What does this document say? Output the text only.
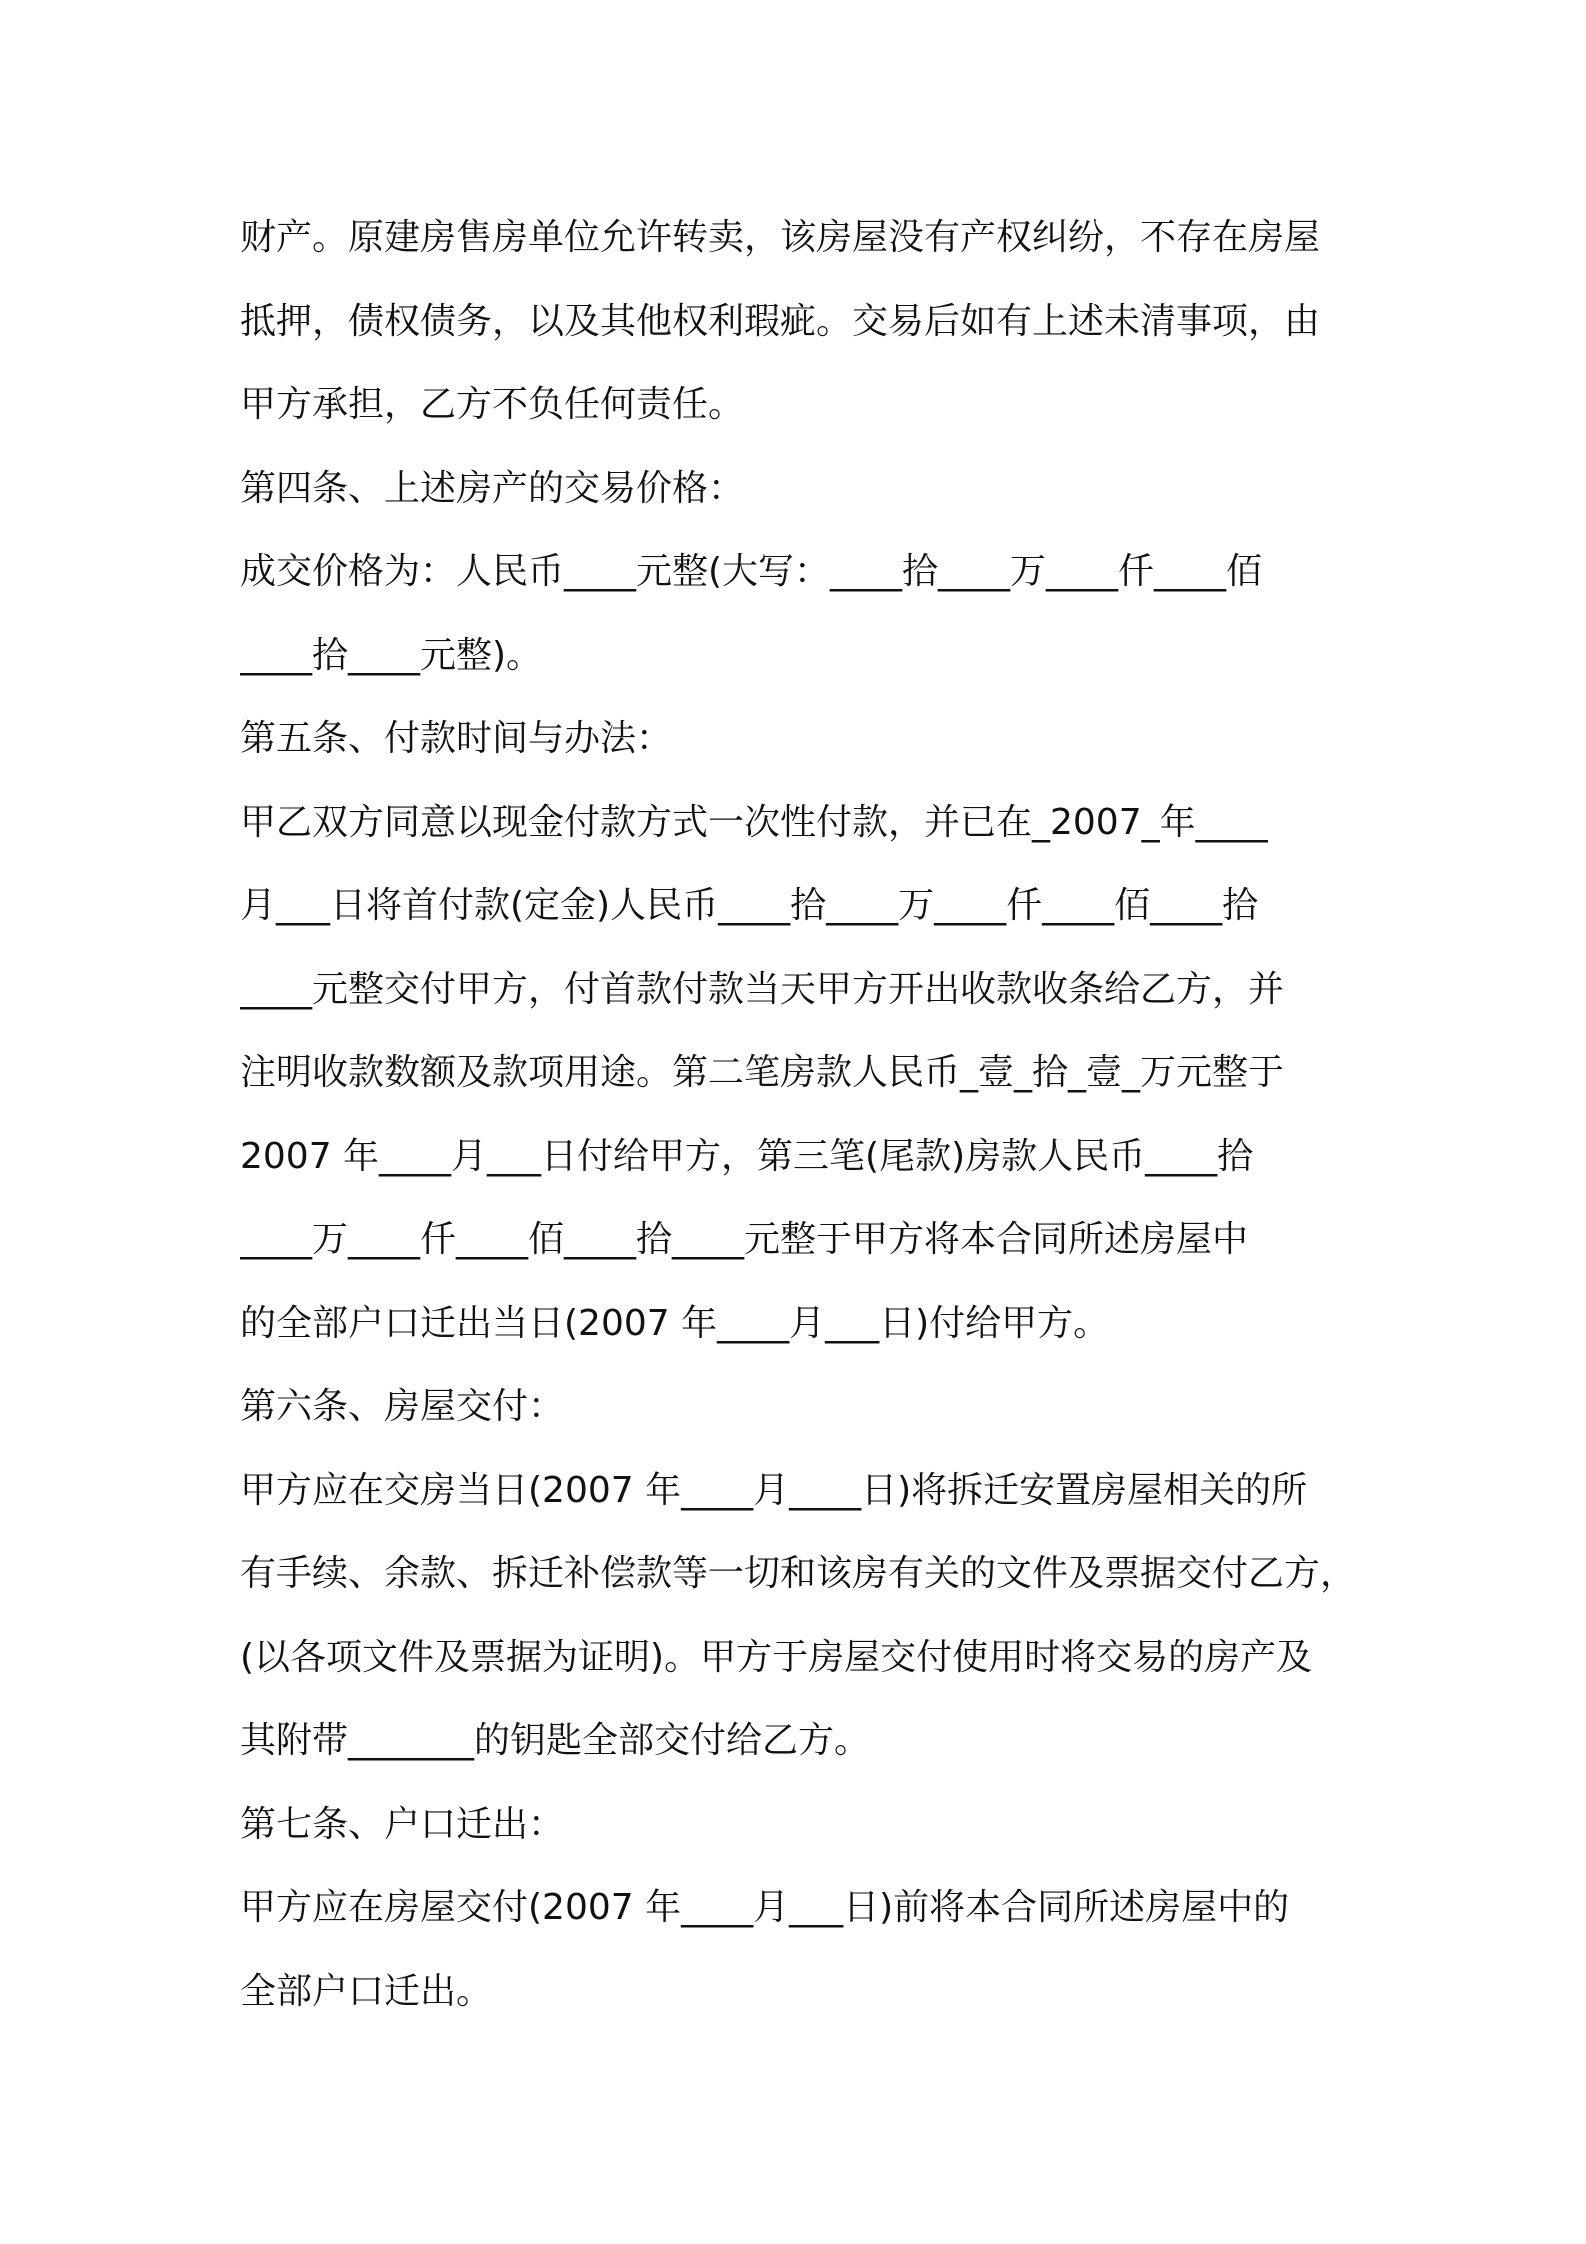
财产。原建房售房单位允许转卖，该房屋没有产权纠纷，不存在房屋
抵押，债权债务，以及其他权利瑕疵。交易后如有上述未清事项，由
甲方承担，乙方不负任何责任。
第四条、上述房产的交易价格：
成交价格为：人民币____元整(大写：____拾____万____仟____佰
____拾____元整)。
第五条、付款时间与办法：
甲乙双方同意以现金付款方式一次性付款，并已在_2007_年____
月___日将首付款(定金)人民币____拾____万____仟____佰____拾
____元整交付甲方，付首款付款当天甲方开出收款收条给乙方，并
注明收款数额及款项用途。第二笔房款人民币_壹_拾_壹_万元整于
2007 年____月___日付给甲方，第三笔(尾款)房款人民币____拾
____万____仟____佰____拾____元整于甲方将本合同所述房屋中
的全部户口迁出当日(2007 年____月___日)付给甲方。
第六条、房屋交付：
甲方应在交房当日(2007 年____月____日)将拆迁安置房屋相关的所
有手续、余款、拆迁补偿款等一切和该房有关的文件及票据交付乙方，
(以各项文件及票据为证明)。甲方于房屋交付使用时将交易的房产及
其附带_______的钥匙全部交付给乙方。
第七条、户口迁出：
甲方应在房屋交付(2007 年____月___日)前将本合同所述房屋中的
全部户口迁出。
